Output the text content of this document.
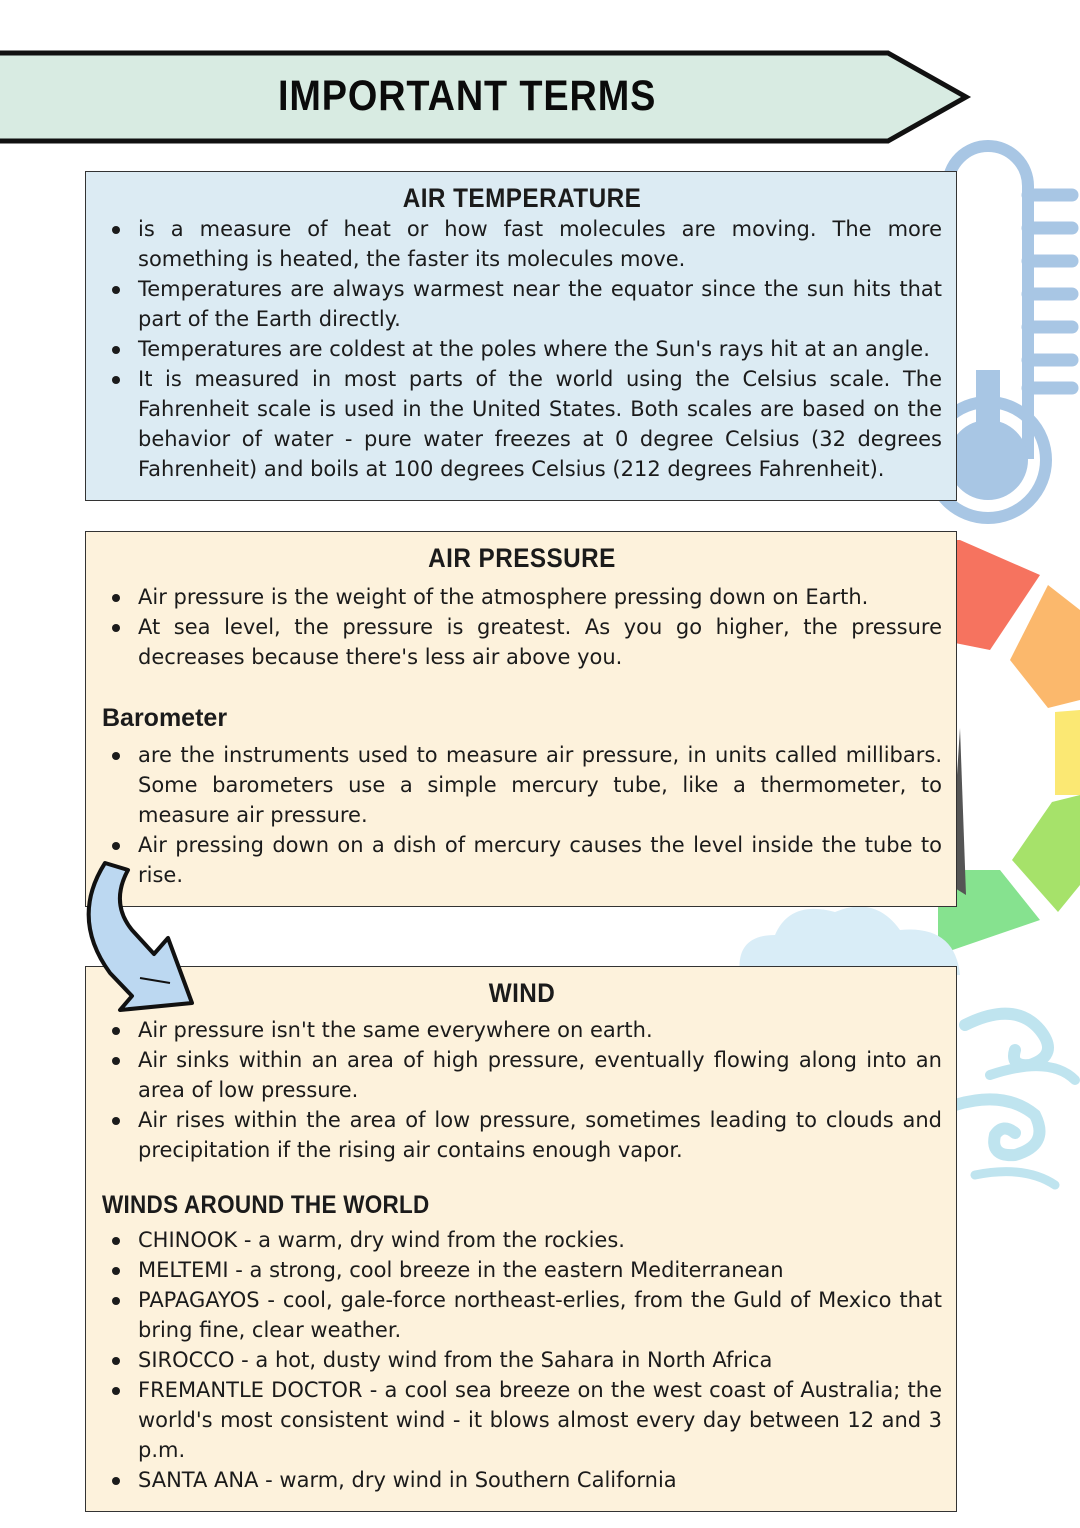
IMPORTANT TERMS
AIR TEMPERATURE
is a measure of heat or how fast molecules are moving. The more something is heated, the faster its molecules move.
Temperatures are always warmest near the equator since the sun hits that part of the Earth directly.
Temperatures are coldest at the poles where the Sun's rays hit at an angle.
It is measured in most parts of the world using the Celsius scale. The Fahrenheit scale is used in the United States. Both scales are based on the behavior of water - pure water freezes at 0 degree Celsius (32 degrees Fahrenheit) and boils at 100 degrees Celsius (212 degrees Fahrenheit).
AIR PRESSURE
Air pressure is the weight of the atmosphere pressing down on Earth.
At sea level, the pressure is greatest. As you go higher, the pressure decreases because there's less air above you.
Barometer
are the instruments used to measure air pressure, in units called millibars. Some barometers use a simple mercury tube, like a thermometer, to measure air pressure.
Air pressing down on a dish of mercury causes the level inside the tube to rise.
WIND
Air pressure isn't the same everywhere on earth.
Air sinks within an area of high pressure, eventually flowing along into an area of low pressure.
Air rises within the area of low pressure, sometimes leading to clouds and precipitation if the rising air contains enough vapor.
WINDS AROUND THE WORLD
CHINOOK - a warm, dry wind from the rockies.
MELTEMI - a strong, cool breeze in the eastern Mediterranean
PAPAGAYOS - cool, gale-force northeast-erlies, from the Guld of Mexico that bring fine, clear weather.
SIROCCO - a hot, dusty wind from the Sahara in North Africa
FREMANTLE DOCTOR - a cool sea breeze on the west coast of Australia; the world's most consistent wind - it blows almost every day between 12 and 3 p.m.
SANTA ANA - warm, dry wind in Southern California
